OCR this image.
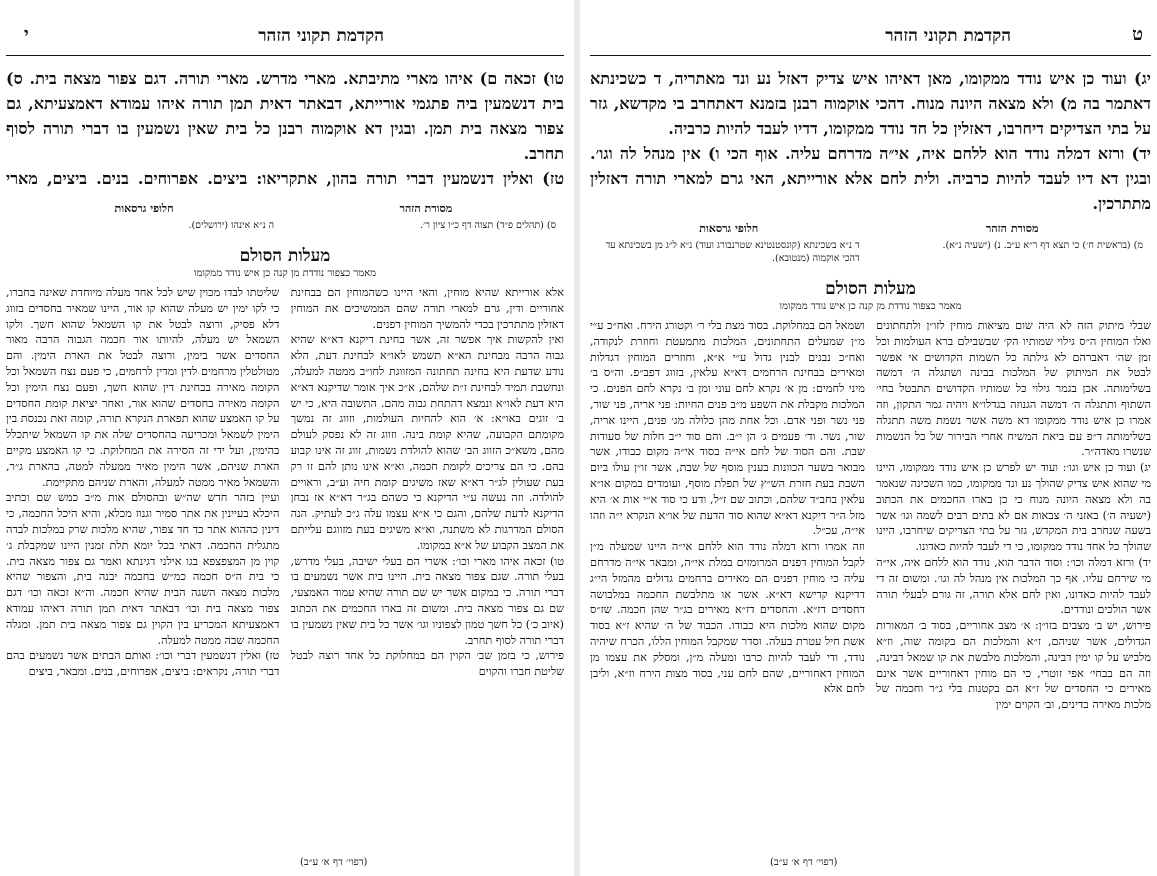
הקדמת תקוני הזהר
י

טו) זכאה ם) איהו מארי מתיבתא. מארי מדרש. מארי תורה. דגם צפור מצאה בית. ס) בית דנשמעין ביה פתגמי אורייתא, דבאתר דאית תמן תורה איהו עמודא דאמצעיתא, גם צפור מצאה בית תמן. ובגין דא אוקמוה רבנן כל בית שאין נשמעין בו דברי תורה לסוף תחרב.

טז) ואלין דנשמעין דברי תורה בהון, אתקריאו: ביצים. אפרוחים. בנים. ביצים, מארי

מסורת הזהר
ס) (תהלים פ״ד) תצוה דף כ״ו ציון ר׳.
חלופי גרסאות
ה נ״א אינהו (ירושלים).
מעלות הסולם
מאמר כצפור נודדת מן קנה כן איש נודד ממקומו

אלא אורייתא שהיא מוחין, והאי היינו כשהמוחין הם בבחינת אחוריים ודין, גרם למארי תורה שהם הממשיכים את המוחין דאזלין מתתרכין בכדי להמשיך המוחין דפנים.

ואין להקשות איך אפשר זה, אשר בחינת דיקנא דא״א שהיא גבוה הרבה מבחינת הא״א תשמש לאו״א לבחינת דעת, הלא נודע שדעת היא בחינה תחתונה המזווגת לחו״ב ממטה למעלה, ונחשבת תמיד לבחינת ז״ת שלהם, א״כ איך אומר שדיקנא דא״א היא דעת לאו״א ונמצא דהתחת גבוה מהם. התשובה היא, כי יש ב׳ זוגים באו״א: א׳ הוא להחיות העולמות, וזווג זה נמשך מקומתם הקבועה, שהיא קומת בינה. וזווג זה לא נפסק לעולם מהם, משא״כ הזווג הב׳ שהוא להולדת נשמות, זווג זה אינו קבוע בהם. כי הם צריכים לקומת חכמה, וא״א אינו נותן להם זו רק בעת שעולין לג״ר דא״א שאז משיגים קומת חיה וע״ב, וראויים להולדה. וזה נעשה ע״י הדיקנא כי כשהם בג״ר דא״א אז נבחן הדיקנא לדעת שלהם, והגם כי א״א עצמו עלה ג״כ לעתיק. הנה הסולם המדרגות לא משתנה, וא״א משיגים בעת מזווגם עלייתם את המצב הקבוע של א״א במקומו.

טו) זכאה איהו מארי וכו׳: אשרי הם בעלי ישיבה, בעלי מדרש, בעלי תורה. שגם צפור מצאה בית. היינו בית אשר נשמעים בו דברי תורה. כי במקום אשר יש שם תורה שהיא עמוד האמצעי, שם גם צפור מצאה בית. ומשום זה בארו החכמים את הכתוב (איוב כ׳) כל חשך טמון לצפוניו וגו׳ אשר כל בית שאין נשמעין בו דברי תורה לסוף תחרב.

פירוש, כי בזמן שב׳ הקוין הם במחלוקת כל אחד רוצה לבטל שליטת חברו והקוים

שליטתו לבדו מכוין שיש לכל אחד מעלה מיוחדת שאינה בחברו, כי לקו ימין יש מעלה שהוא קו אור, היינו שמאיר בחסדים בזווג דלא פסיק, ורוצה לבטל את קו השמאל שהוא חשך. ולקו השמאל יש מעלה, להיותו אור חכמה הגבוה הרבה מאור החסדים אשר בימין, ורוצה לבטל את הארת הימין. והם מטולטלין מרחמים לדין ומדין לרחמים, כי פעם נצח השמאל וכל הקומה מאירה בבחינת דין שהוא חשך, ופעם נצח הימין וכל הקומה מאירה בחסדים שהוא אור, ואחר יציאת קומת החסדים על קו האמצע שהוא תפארת הנקרא תורה, קומה זאת נכנסת בין הימין לשמאל ומכריעה בהחסדים שלה את קו השמאל שיתכלל בהימין, ועל ידי זה הסירה את המחלוקת. כי קו האמצע מקיים הארת שניהם, אשר הימין מאיר ממעלה למטה, בהארת ג״ר, והשמאל מאיר ממטה למעלה, והארת שניהם מתקיימת.

ועיין בזהר חדש שה״ש ובהסולם אות מ״ב כמש שם וכתיב היכלא בעיינין את אתר סמיר וגנוז מכלא, והיא היכל החכמה, כי דינין כההוא אתר כד חד צפור, שהיא מלכות שרק במלכות לבדה מתגלית החכמה. דאתי בכל יומא תלת זמנין היינו שמקבלת ג׳ קוין מן המצפצפא בגו אילני דגינתא ואמר גם צפור מצאה בית. כי בית ה״ס חכמה כמ״ש בחכמה יבנה בית, והצפור שהיא מלכות מצאה השגה הבית שהיא חכמה. וה״א זכאה וכו׳ דגם צפור מצאה בית וכו׳ דבאתר דאית תמן תורה דאיהו עמודא דאמצעיתא המכריע בין הקוין גם צפור מצאה בית תמן. ומגלה החכמה שבה ממטה למעלה.

טז) ואלין דנשמעין דברי וכו׳: ואותם הבתים אשר נשמעים בהם דברי תורה, נקראים: ביצים, אפרוחים, בנים. ומבאר, ביצים

(דפוי׳ דף א׳ ע״ב)
הקדמת תקוני הזהר	ט

יג) ועוד כן איש נודד ממקומו, מאן דאיהו איש צדיק דאזל נע ונד מאתריה, ד כשכינתא דאתמר בה מ) ולא מצאה היונה מנוח. דהכי אוקמוה רבנן בזמנא דאתחרב בי מקדשא, גזר על בתי הצדיקים דיחרבו, דאזלין כל חד נודד ממקומו, דדיו לעבד להיות כרביה.

יד) ורזא דמלה נודד הוא ללחם איה, אי״ה מדרחם עליה. אוף הכי ו) אין מנהל לה וגו׳. ובגין דא דיו לעבד להיות כרביה. ולית לחם אלא אורייתא, האי גרם למארי תורה דאזלין מתתרכין.

מסורת הזהר
מ) (בראשית ח׳) כי תצא דף ר״א ע״ב. נ) (ישעיה נ״א).
חלופי גרסאות
ד נ״א בשכינתא (קונסטנטינא שטרנבורג ועוד) נ״א ל״ג מן בשכינתא עד דהכי אוקמוה (מנטובא).
מעלות הסולם
מאמר כצפור נודדת מן קנה כן איש נודד ממקומו

שבלי מיתוק הזה לא היה שום מציאות מוחין לזו״ן ולתחתונים ואלו המוחין ה״ס גילוי שמותיו הק׳ שבשבילם ברא העולמות וכל זמן שה׳ דאברהם לא גילתה כל השמות הקדושים אי אפשר לבטל את המיתוק של המלכות בבינה ושתגלה ה׳ דמשה בשלימותה. אכן בגמר גילוי כל שמותיו הקדושים תתבטל בחי׳ השתוף ותתגלה ה׳ דמשה הגנוזה בגדלו״א ויהיה גמר התקון, וזה אמרו כן איש נודד ממקומו דא משה אשר נשמת משה תתגלה בשלימותה ד״פ עם ביאת המשיח אחרי הבירור של כל הנשמות שנשרו מאדה״ר.

יג) ועוד כן איש וגו׳: ועוד יש לפרש כן איש נודד ממקומו, היינו מי שהוא איש צדיק שהולך נע ונד ממקומו, כמו השכינה שנאמר בה ולא מצאה היונה מנוח כי כן בארו החכמים את הכתוב (ישעיה ה׳) באזני ה׳ צבאות אם לא בתים רבים לשמה וגו׳ אשר בשעה שנחרב בית המקדש, גזר על בתי הצדיקים שיחרבו, היינו שהולך כל אחד נודד ממקומו, כי די לעבד להיות כאדונו.

יד) ורזא דמלה וכו׳: וסוד הדבר הוא, נודד הוא ללחם איה, אי״ה מי שירחם עליו. אף כך המלכות אין מנהל לה וגו׳. ומשום זה די לעבד להיות כאדונו, ואין לחם אלא תורה, זה גורם לבעלי תורה אשר הולכים ונודדים.

פירוש, יש ב׳ מצבים בזו״ן: א׳ מצב אחוריים, בסוד ב׳ המאורות הגדולים, אשר שניהם, ז״א והמלכות הם בקומה שוה, וז״א מלביש על קו ימין דבינה, והמלכות מלבשת את קו שמאל דבינה, וזה הם בבחי׳ אפי זוטרי, כי הם מוחין דאחוריים אשר אינם מאירים כי החסדים של ז״א הם בקטנות בלי ג״ר וחכמה של מלכות מאירה בדינים, וב׳ הקוים ימין

ושמאל הם במחלוקת. בסוד מצת בלי ר׳ וקטורג הירח. ואח״כ ע״י מ״ן שמעלים התחתונים, המלכות מתמעטת וחוזרת לנקודה, ואח״כ נבנים לבנין גדול ע״י א״א, וחוזרים המוחין דגדלות ומאירים בבחינת הרחמים דא״א עלאין, בזווג דפב״פ. וה״ס ב׳ מיני לחמים: מן א׳ נקרא לחם עוני ומן ב׳ נקרא לחם הפנים. כי המלכות מקבלת את השפע מ״ב פנים החיות: פני אריה, פני שור, פני נשר ופני אדם. וכל אחת מהן כלולה מג׳ פנים, היינו אריה, שור, נשר. וד׳ פעמים ג׳ הן י״ב. והם סוד י״ב חלות של סעודות שבת. והם הסוד של לחם אי״ה בסוד אי״ה מקום כבודו, אשר מבואר בשער הכוונות בענין מוסף של שבת, אשר זו״ן עולו ביום השבת בעת חזרת הש״ץ של תפלת מוסף, ועומדים במקום או״א עלאין בחב״ד שלהם, וכתוב שם ז״ל, ודע כי סוד א״י אות א׳ היא מזל ה״ר דיקנא דא״א שהוא סוד הדעת של או״א הנקרא י״ה וזהו אי״ה, עכ״ל.

וזה אמרו ורזא דמלה נודד הוא ללחם אי״ה היינו שמעלה מ״ן לקבל המוחין דפנים המרומזים במלת אי״ה, ומבאר אי״ה מדרחם עליה כי מוחין דפנים הם מאירים ברחמים גדולים מהמזל הי״ג דדיקנא קדישא דא״א. אשר או מתלבשת החכמה במלבושה דחסדים דז״א. והחסדים דז״א מאירים בג״ר שהן חכמה. שז״ס מקום שהוא מלכות היא כבודו. הכבוד של ה׳ שהיא ז״א בסוד אשת חיל עטרת בעלה. וסדר שמקבל המוחין הללו, הכרח שיהיה נודד, ודי לעבד להיות כרבו ומעלה מ״ן, ומסלק את עצמו מן המוחין דאחוריים, שהם לחם עני, בסוד מצות הירח וז״א, וליבן לחם אלא

(דפוי׳ דף א׳ ע״ב)
